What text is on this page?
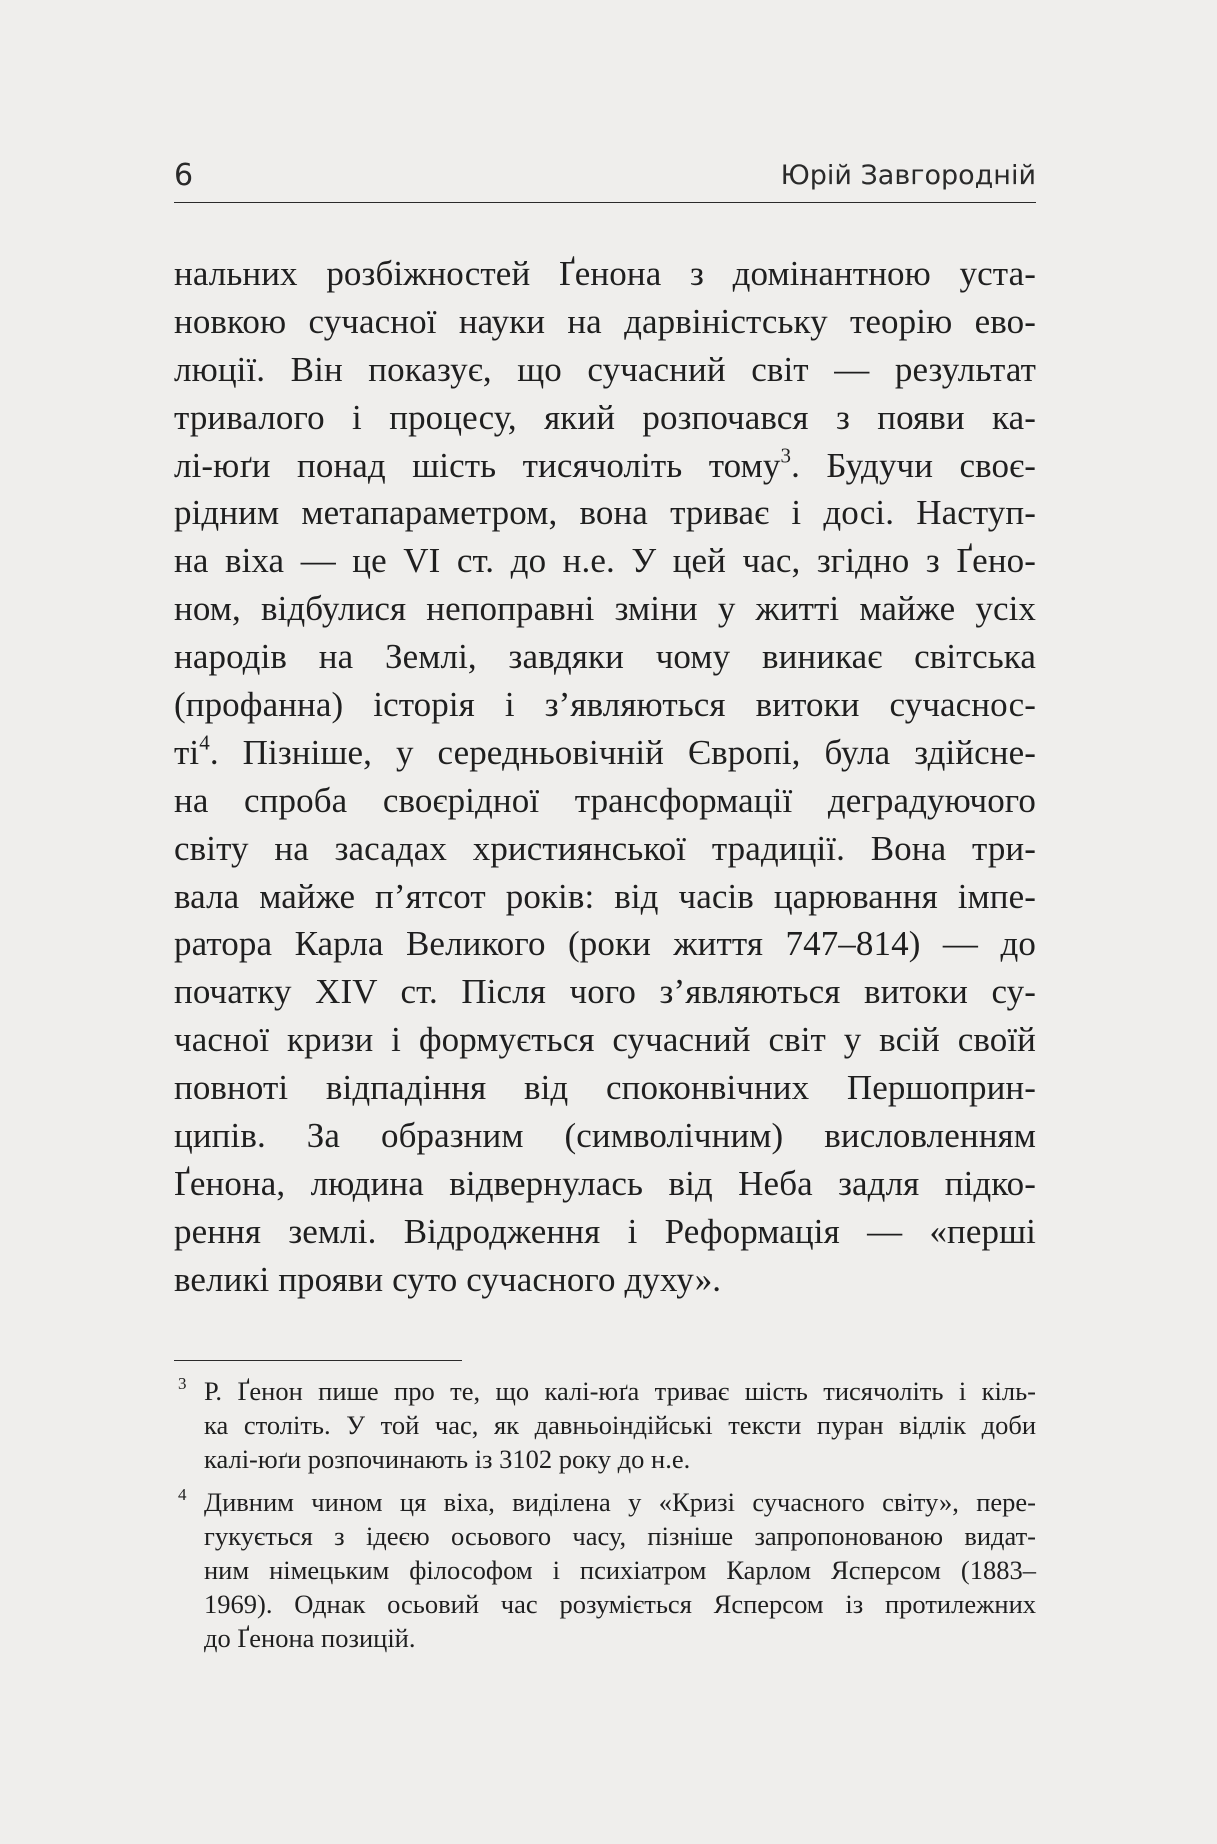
6	Юрій Завгородній
нальних розбіжностей Ґенона з домінантною уста-
новкою сучасної науки на дарвіністську теорію ево-
люції. Він показує, що сучасний світ — результат
тривалого і процесу, який розпочався з появи ка-
лі-юґи понад шість тисячоліть тому$^3$. Будучи своє-
рідним метапараметром, вона триває і досі. Наступ-
на віха — це VI ст. до н.е. У цей час, згідно з Ґено-
ном, відбулися непоправні зміни у житті майже усіх
народів на Землі, завдяки чому виникає світська
(профанна) історія і з’являються витоки сучаснос-
$ті^4$. Пізніше, у середньовічній Європі, була здійсне-
на спроба своєрідної трансформації деградуючого
світу на засадах християнської традиції. Вона три-
вала майже п’ятсот років: від часів царювання імпе-
ратора Карла Великого (роки життя 747–814) — до
початку XIV ст. Після чого з’являються витоки су-
часної кризи і формується сучасний світ у всій своїй
повноті відпадіння від споконвічних Першоприн-
ципів. За образним (символічним) висловленням
Ґенона, людина відвернулась від Неба задля підко-
рення землі. Відродження і Реформація — «перші
великі прояви суто сучасного духу».
3 Р. Ґенон пише про те, що калі-юґа триває шість тисячоліть і кіль-
ка століть. У той час, як давньоіндійські тексти пуран відлік доби
калі-юґи розпочинають із 3102 року до н.е.
4 Дивним чином ця віха, виділена у «Кризі сучасного світу», пере-
гукується з ідеєю осьового часу, пізніше запропонованою видат-
ним німецьким філософом і психіатром Карлом Ясперсом (1883–
1969). Однак осьовий час розуміється Ясперсом із протилежних
до Ґенона позицій.
